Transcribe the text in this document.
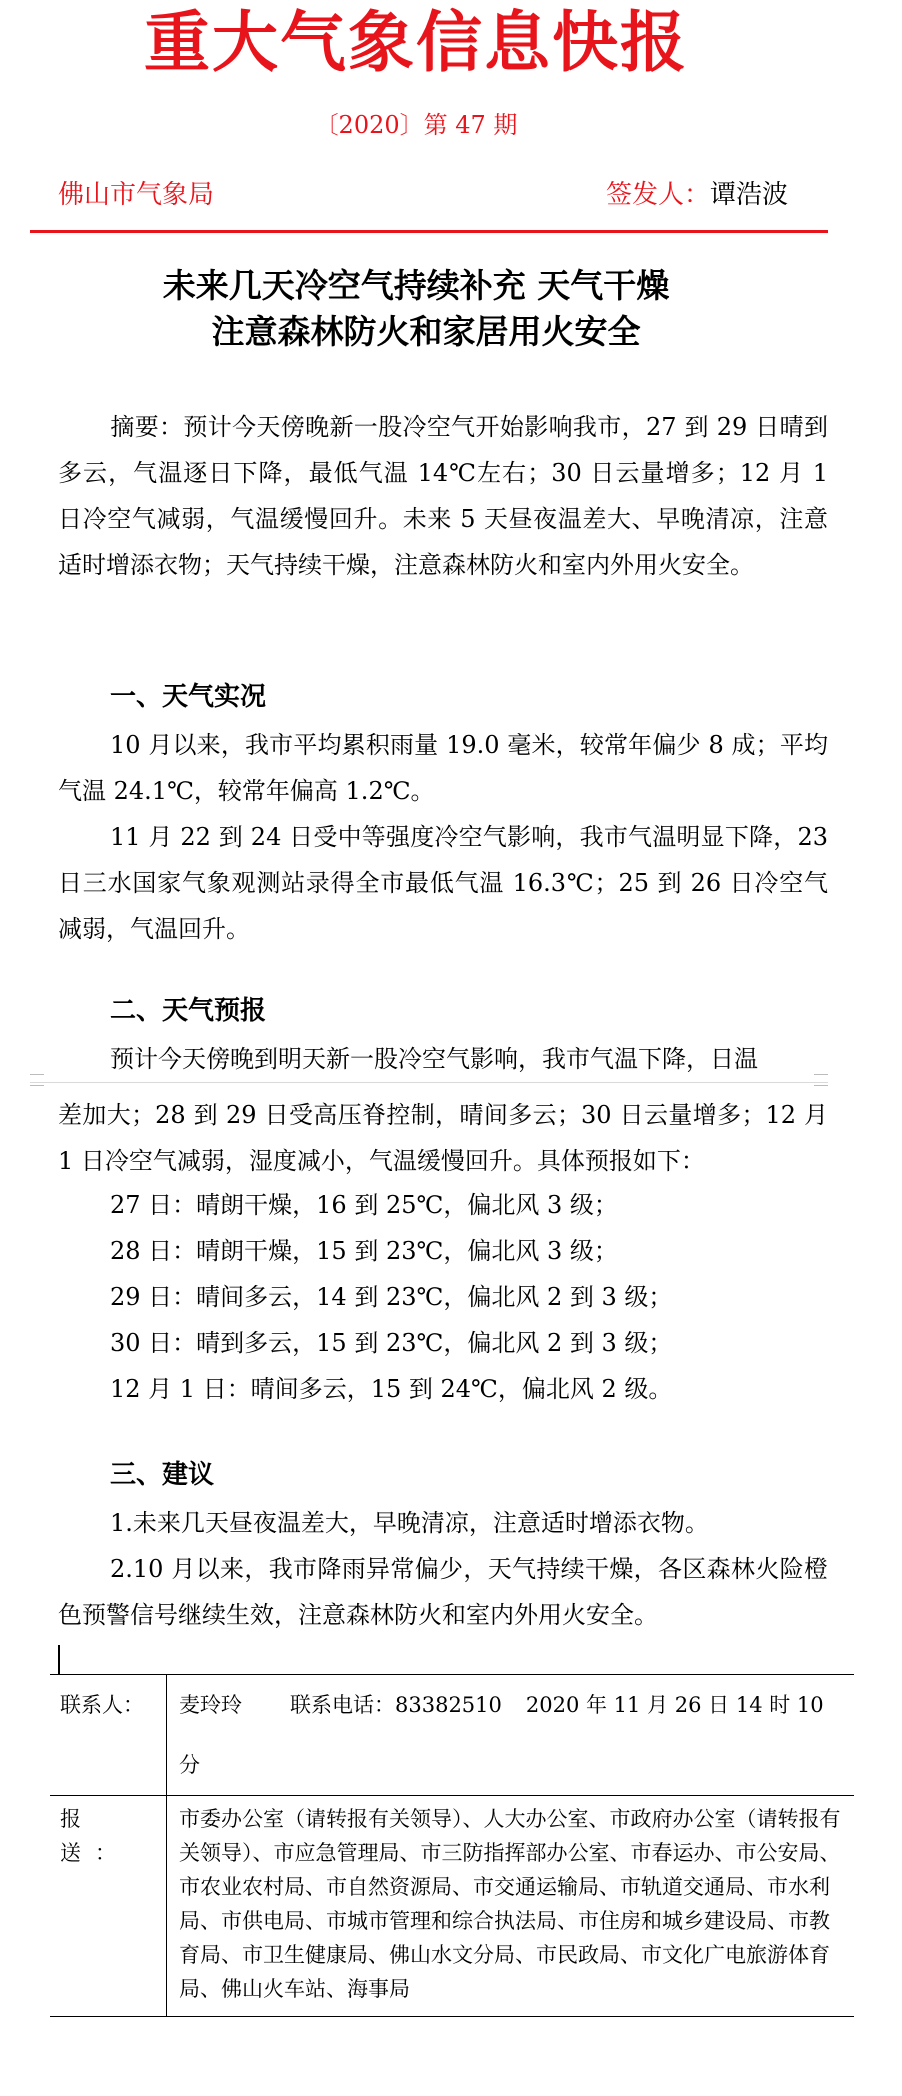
重大气象信息快报
〔2020〕第 47 期
佛山市气象局	签发人：谭浩波
未来几天冷空气持续补充 天气干燥
注意森林防火和家居用火安全

摘要：预计今天傍晚新一股冷空气开始影响我市，27 到 29 日晴到多云，气温逐日下降，最低气温 14℃左右；30 日云量增多；12 月 1 日冷空气减弱，气温缓慢回升。未来 5 天昼夜温差大、早晚清凉，注意适时增添衣物；天气持续干燥，注意森林防火和室内外用火安全。

一、天气实况

10 月以来，我市平均累积雨量 19.0 毫米，较常年偏少 8 成；平均气温 24.1℃，较常年偏高 1.2℃。

11 月 22 到 24 日受中等强度冷空气影响，我市气温明显下降，23 日三水国家气象观测站录得全市最低气温 16.3℃；25 到 26 日冷空气减弱，气温回升。

二、天气预报

预计今天傍晚到明天新一股冷空气影响，我市气温下降，日温

差加大；28 到 29 日受高压脊控制，晴间多云；30 日云量增多；12 月 1 日冷空气减弱，湿度减小，气温缓慢回升。具体预报如下：

27 日：晴朗干燥，16 到 25℃，偏北风 3 级；

28 日：晴朗干燥，15 到 23℃，偏北风 3 级；

29 日：晴间多云，14 到 23℃，偏北风 2 到 3 级；

30 日：晴到多云，15 到 23℃，偏北风 2 到 3 级；

12 月 1 日：晴间多云，15 到 24℃，偏北风 2 级。

三、建议

1.未来几天昼夜温差大，早晚清凉，注意适时增添衣物。

2.10 月以来，我市降雨异常偏少，天气持续干燥，各区森林火险橙色预警信号继续生效，注意森林防火和室内外用火安全。

联系人：	麦玲玲 联系电话：83382510 2020 年 11 月 26 日 14 时 10 分
报　送：	市委办公室（请转报有关领导）、人大办公室、市政府办公室（请转报有关领导）、市应急管理局、市三防指挥部办公室、市春运办、市公安局、市农业农村局、市自然资源局、市交通运输局、市轨道交通局、市水利局、市供电局、市城市管理和综合执法局、市住房和城乡建设局、市教育局、市卫生健康局、佛山水文分局、市民政局、市文化广电旅游体育局、佛山火车站、海事局
